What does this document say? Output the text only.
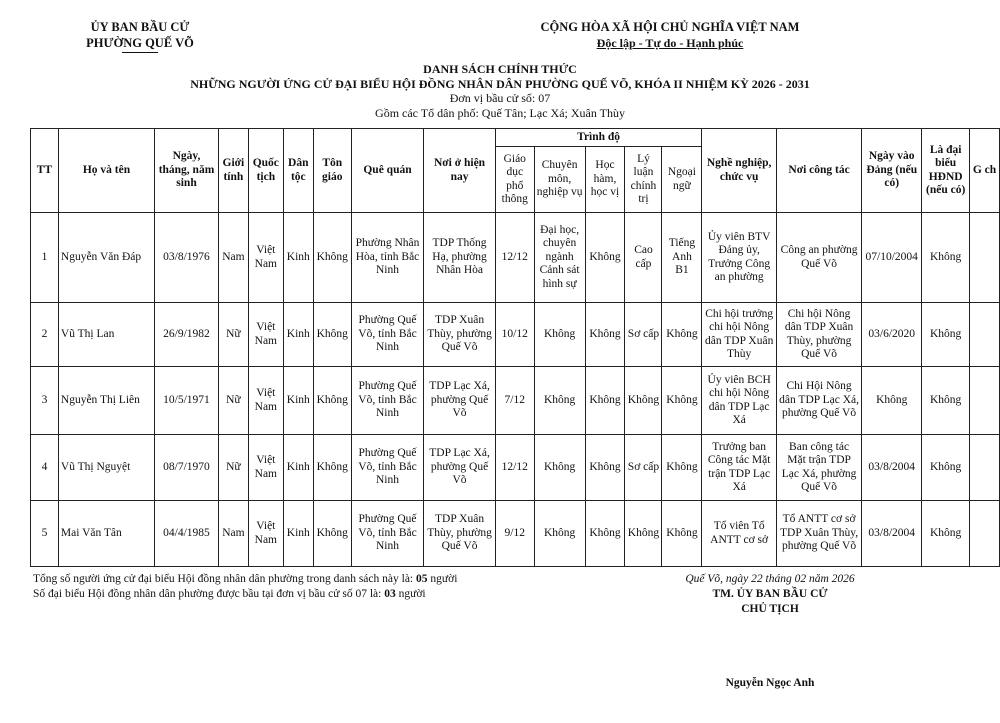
ỦY BAN BẦU CỬ
PHƯỜNG QUẾ VÕ
CỘNG HÒA XÃ HỘI CHỦ NGHĨA VIỆT NAM
Độc lập - Tự do - Hạnh phúc
DANH SÁCH CHÍNH THỨC
NHỮNG NGƯỜI ỨNG CỬ ĐẠI BIỂU HỘI ĐỒNG NHÂN DÂN PHƯỜNG QUẾ VÕ, KHÓA II NHIỆM KỲ 2026 - 2031
Đơn vị bầu cử số: 07
Gồm các Tổ dân phố: Quế Tân; Lạc Xá; Xuân Thùy
TT	Họ và tên	Ngày, tháng, năm sinh	Giới tính	Quốc tịch	Dân tộc	Tôn giáo	Quê quán	Nơi ở hiện nay	Trình độ					Nghề nghiệp, chức vụ	Nơi công tác	Ngày vào Đảng (nếu có)	Là đại biểu HĐND (nếu có)	G ch
									Giáo dục phổ thông	Chuyên môn, nghiệp vụ	Học hàm, học vị	Lý luận chính trị	Ngoại ngữ					
1	Nguyễn Văn Đáp	03/8/1976	Nam	Việt Nam	Kinh	Không	Phường Nhân Hòa, tỉnh Bắc Ninh	TDP Thống Hạ, phường Nhân Hòa	12/12	Đại học, chuyên ngành Cảnh sát hình sự	Không	Cao cấp	Tiếng Anh B1	Ủy viên BTV Đảng ủy, Trưởng Công an phường	Công an phường Quế Võ	07/10/2004	Không	
2	Vũ Thị Lan	26/9/1982	Nữ	Việt Nam	Kinh	Không	Phường Quế Võ, tỉnh Bắc Ninh	TDP Xuân Thùy, phường Quế Võ	10/12	Không	Không	Sơ cấp	Không	Chi hội trưởng chi hội Nông dân TDP Xuân Thùy	Chi hội Nông dân TDP Xuân Thùy, phường Quế Võ	03/6/2020	Không	
3	Nguyễn Thị Liên	10/5/1971	Nữ	Việt Nam	Kinh	Không	Phường Quế Võ, tỉnh Bắc Ninh	TDP Lạc Xá, phường Quế Võ	7/12	Không	Không	Không	Không	Ủy viên BCH chi hội Nông dân TDP Lạc Xá	Chi Hội Nông dân TDP Lạc Xá, phường Quế Võ	Không	Không	
4	Vũ Thị Nguyệt	08/7/1970	Nữ	Việt Nam	Kinh	Không	Phường Quế Võ, tỉnh Bắc Ninh	TDP Lạc Xá, phường Quế Võ	12/12	Không	Không	Sơ cấp	Không	Trưởng ban Công tác Mặt trận TDP Lạc Xá	Ban công tác Mặt trận TDP Lạc Xá, phường Quế Võ	03/8/2004	Không	
5	Mai Văn Tân	04/4/1985	Nam	Việt Nam	Kinh	Không	Phường Quế Võ, tỉnh Bắc Ninh	TDP Xuân Thùy, phường Quế Võ	9/12	Không	Không	Không	Không	Tổ viên Tổ ANTT cơ sở	Tổ ANTT cơ sở TDP Xuân Thùy, phường Quế Võ	03/8/2004	Không	
Tổng số người ứng cử đại biểu Hội đồng nhân dân phường trong danh sách này là: 05 người
Số đại biểu Hội đồng nhân dân phường được bầu tại đơn vị bầu cử số 07 là: 03 người
Quế Võ, ngày 22 tháng 02 năm 2026
TM. ỦY BAN BẦU CỬ
CHỦ TỊCH
Nguyễn Ngọc Anh
